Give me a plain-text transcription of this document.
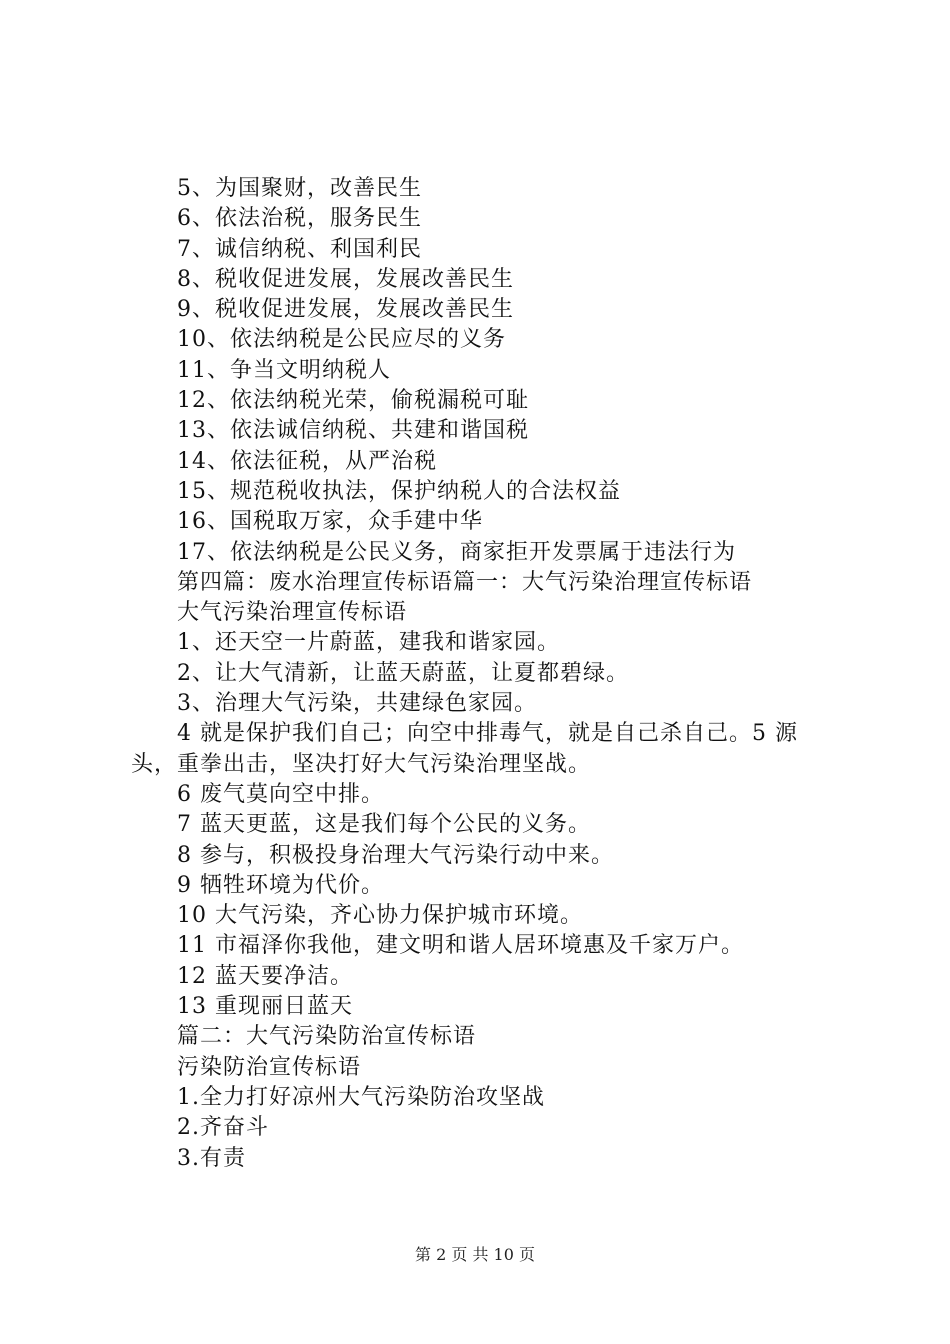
5、为国聚财，改善民生
6、依法治税，服务民生
7、诚信纳税、利国利民
8、税收促进发展，发展改善民生
9、税收促进发展，发展改善民生
10、依法纳税是公民应尽的义务
11、争当文明纳税人
12、依法纳税光荣，偷税漏税可耻
13、依法诚信纳税、共建和谐国税
14、依法征税，从严治税
15、规范税收执法，保护纳税人的合法权益
16、国税取万家，众手建中华
17、依法纳税是公民义务，商家拒开发票属于违法行为
第四篇：废水治理宣传标语篇一：大气污染治理宣传标语
大气污染治理宣传标语
1、还天空一片蔚蓝，建我和谐家园。
2、让大气清新，让蓝天蔚蓝，让夏都碧绿。
3、治理大气污染，共建绿色家园。
4 就是保护我们自己；向空中排毒气，就是自己杀自己。5 源头，重拳出击，坚决打好大气污染治理坚战。
6 废气莫向空中排。
7 蓝天更蓝，这是我们每个公民的义务。
8 参与，积极投身治理大气污染行动中来。
9 牺牲环境为代价。
10 大气污染，齐心协力保护城市环境。
11 市福泽你我他，建文明和谐人居环境惠及千家万户。
12 蓝天要净洁。
13 重现丽日蓝天
篇二：大气污染防治宣传标语
污染防治宣传标语
1.全力打好凉州大气污染防治攻坚战
2.齐奋斗
3.有责
第 2 页 共 10 页
